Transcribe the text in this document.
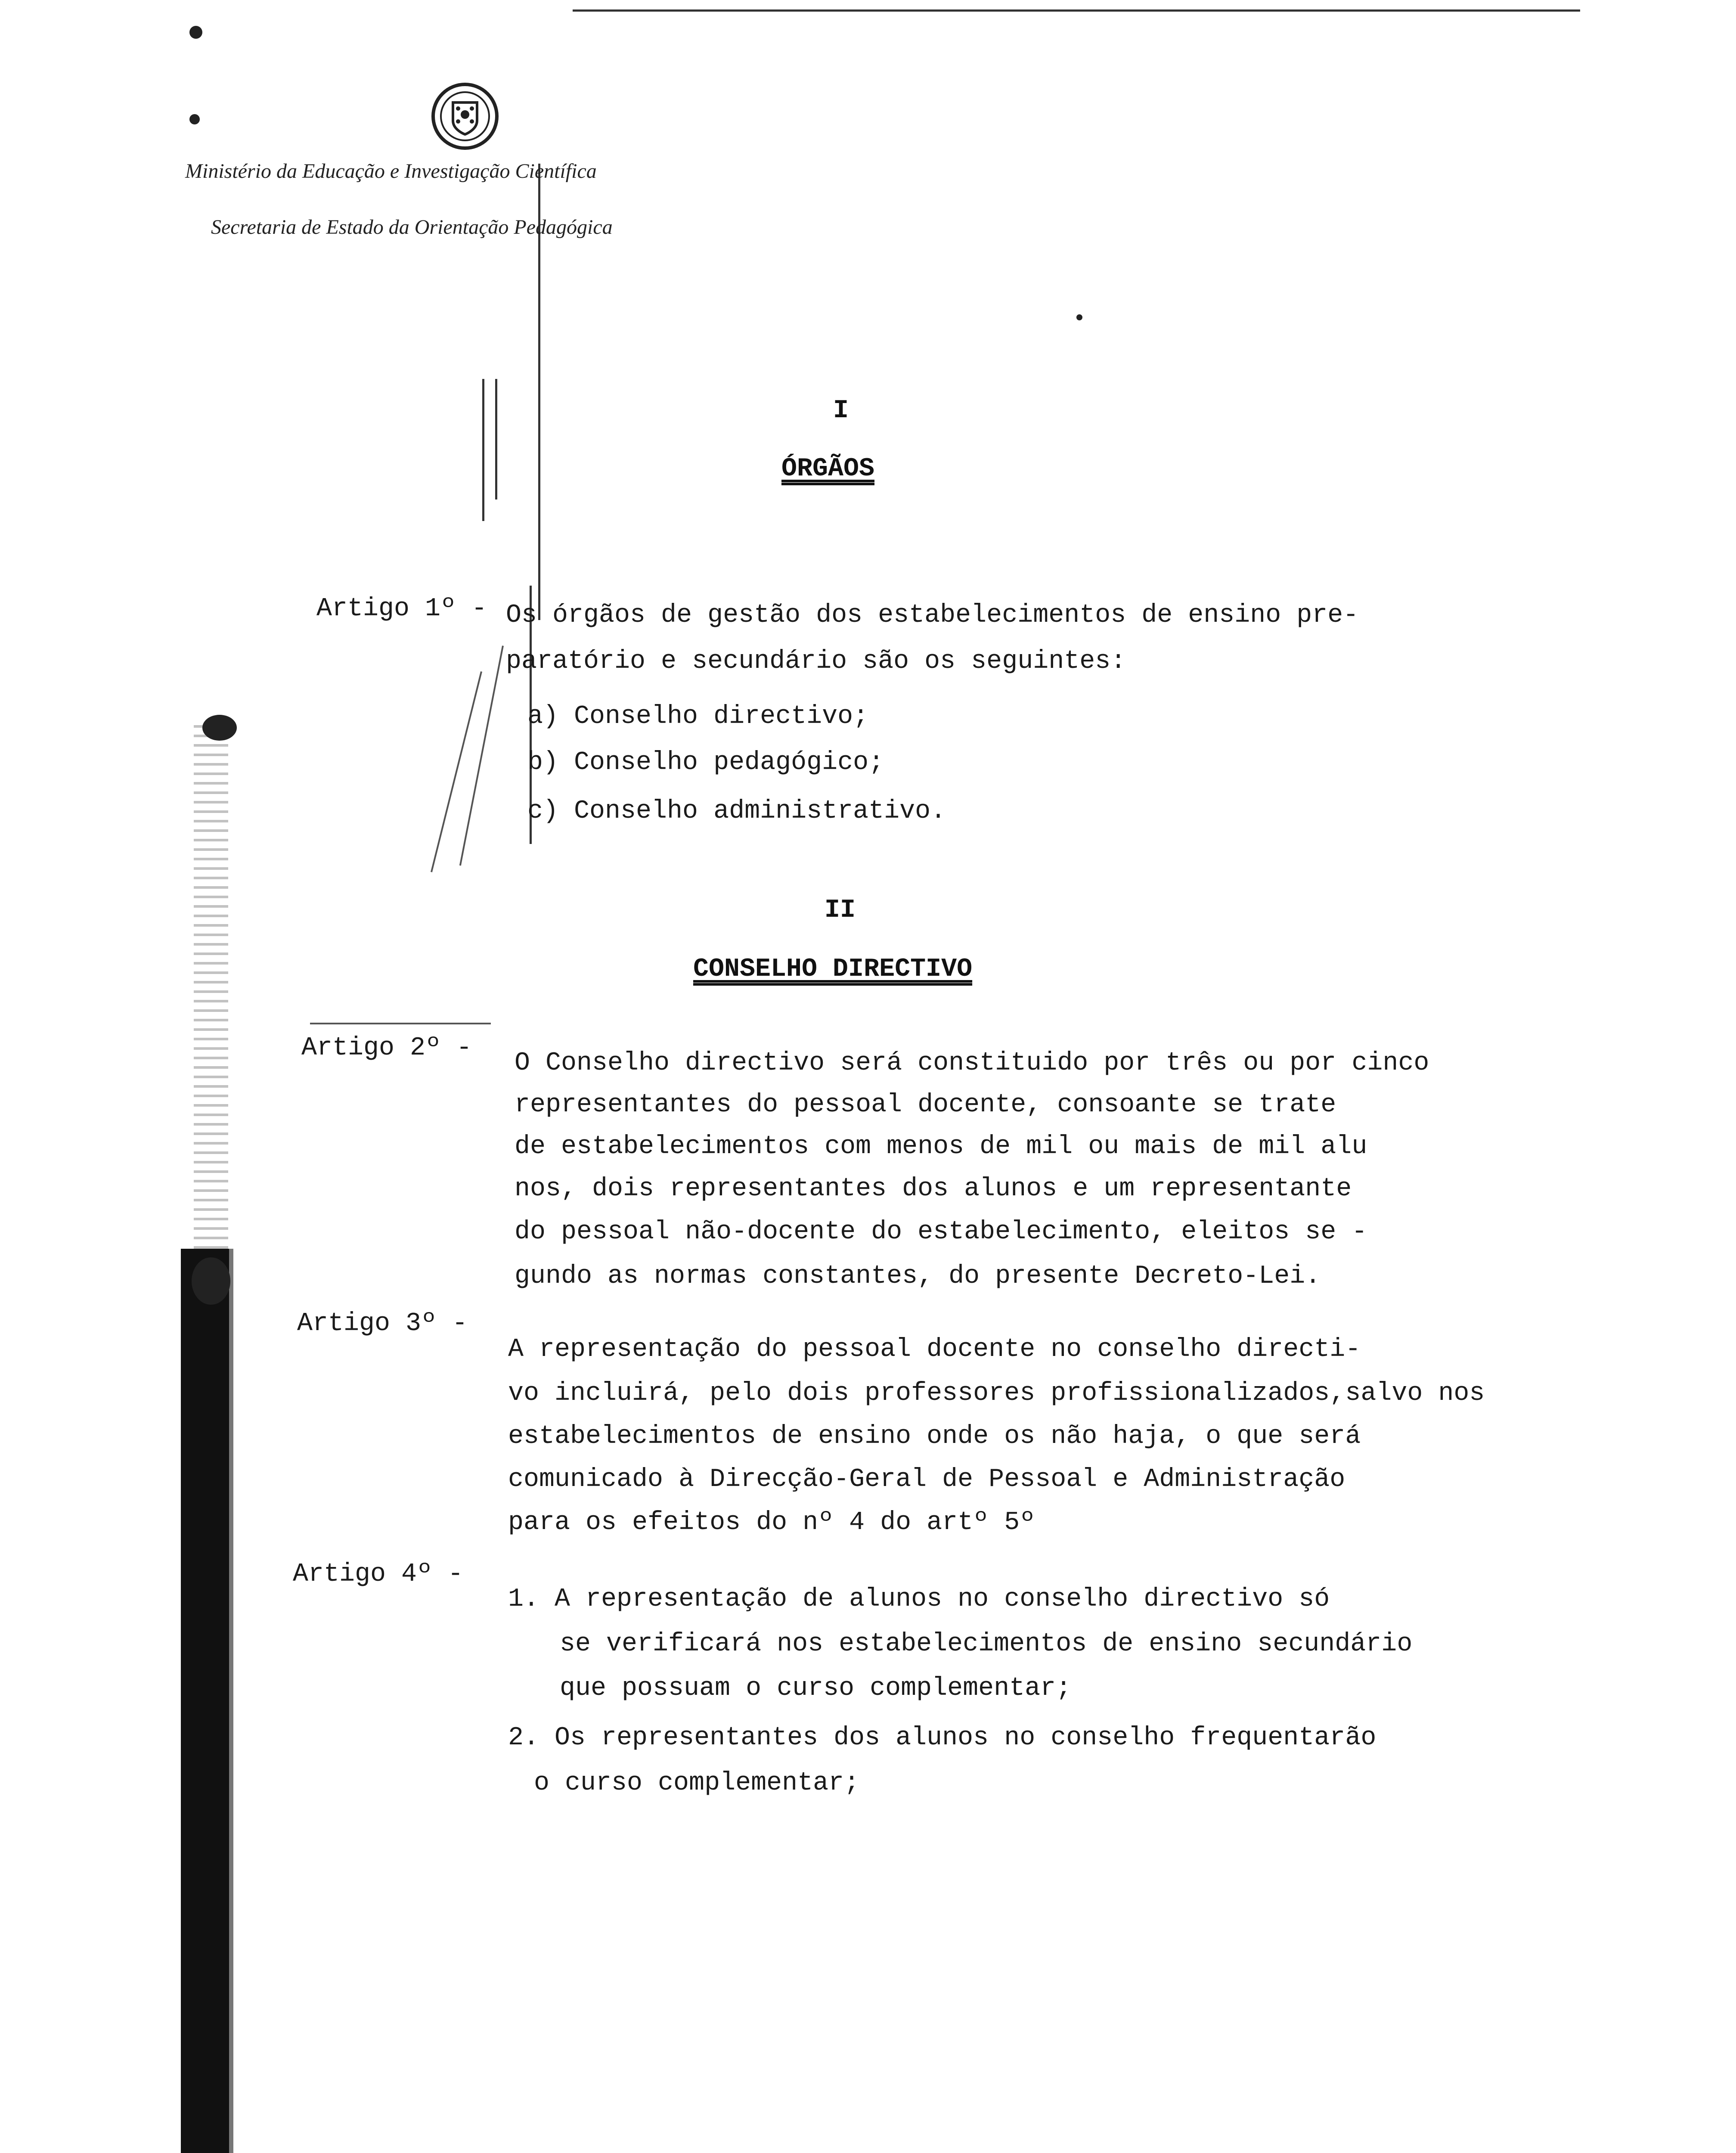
Ministério da Educação e Investigação Científica
Secretaria de Estado da Orientação Pedagógica
I
ÓRGÃOS
Artigo 1º - Os órgãos de gestão dos estabelecimentos de ensino pre-
paratório e secundário são os seguintes:
a) Conselho directivo;
b) Conselho pedagógico;
c) Conselho administrativo.
II
CONSELHO DIRECTIVO
Artigo 2º -
O Conselho directivo será constituido por três ou por cinco
representantes do pessoal docente, consoante se trate
de estabelecimentos com menos de mil ou mais de mil alu
nos, dois representantes dos alunos e um representante
do pessoal não-docente do estabelecimento, eleitos se -
gundo as normas constantes, do presente Decreto-Lei.
Artigo 3º -
A representação do pessoal docente no conselho directi-
vo incluirá, pelo dois professores profissionalizados,salvo nos
estabelecimentos de ensino onde os não haja, o que será
comunicado à Direcção-Geral de Pessoal e Administração
para os efeitos do nº 4 do artº 5º
Artigo 4º -
1. A representação de alunos no conselho directivo só
se verificará nos estabelecimentos de ensino secundário
que possuam o curso complementar;
2. Os representantes dos alunos no conselho frequentarão
o curso complementar;
